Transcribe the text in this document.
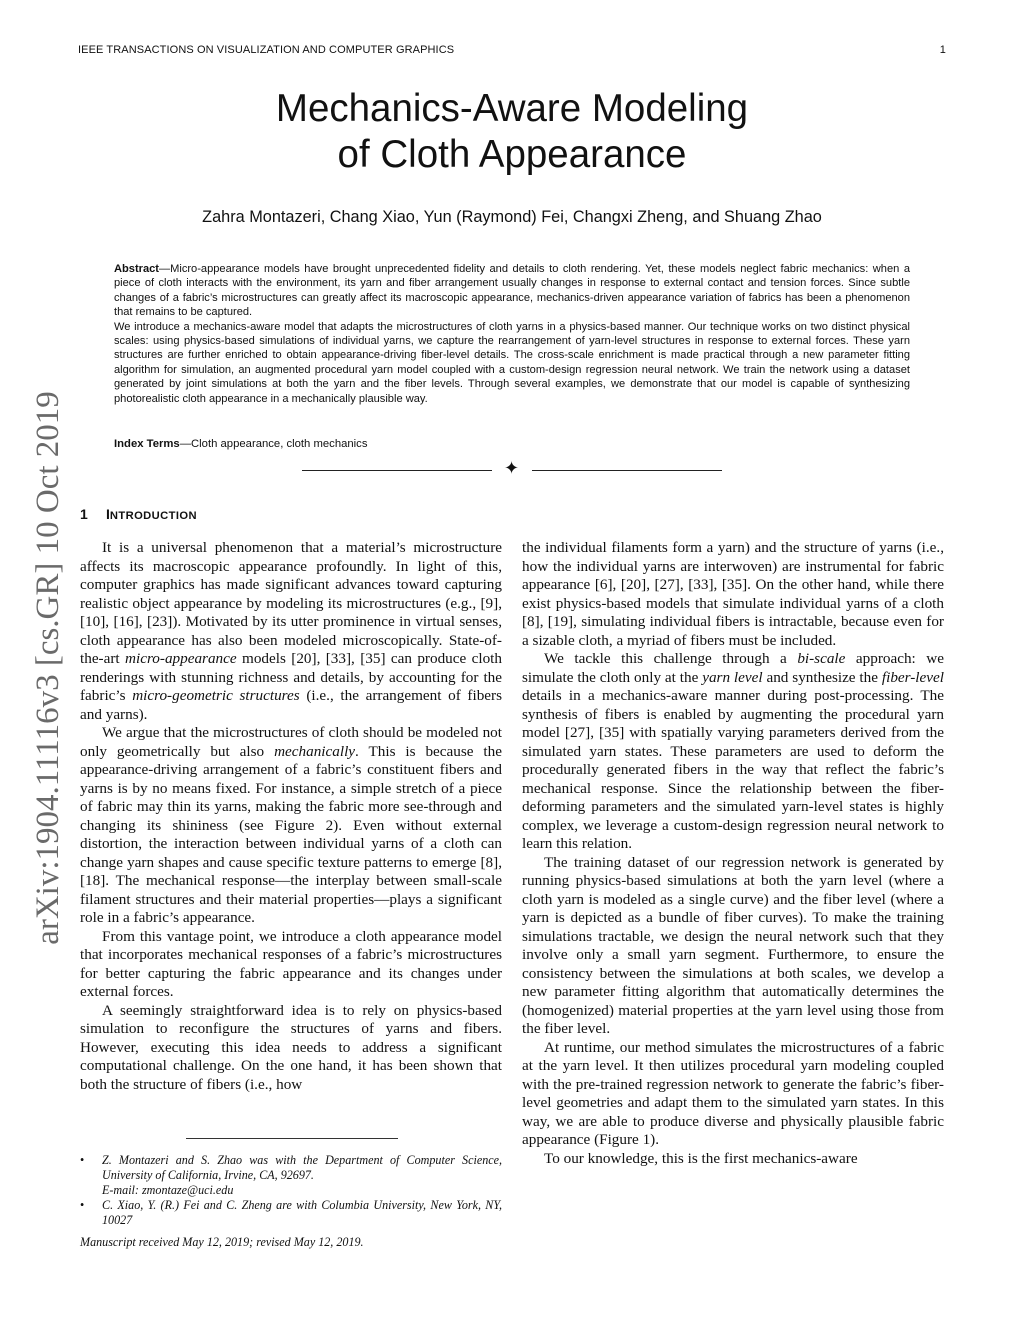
IEEE TRANSACTIONS ON VISUALIZATION AND COMPUTER GRAPHICS	1
Mechanics-Aware Modeling
of Cloth Appearance
Zahra Montazeri, Chang Xiao, Yun (Raymond) Fei, Changxi Zheng, and Shuang Zhao

Abstract—Micro-appearance models have brought unprecedented fidelity and details to cloth rendering. Yet, these models neglect fabric mechanics: when a piece of cloth interacts with the environment, its yarn and fiber arrangement usually changes in response to external contact and tension forces. Since subtle changes of a fabric’s microstructures can greatly affect its macroscopic appearance, mechanics-driven appearance variation of fabrics has been a phenomenon that remains to be captured.

We introduce a mechanics-aware model that adapts the microstructures of cloth yarns in a physics-based manner. Our technique works on two distinct physical scales: using physics-based simulations of individual yarns, we capture the rearrangement of yarn-level structures in response to external forces. These yarn structures are further enriched to obtain appearance-driving fiber-level details. The cross-scale enrichment is made practical through a new parameter fitting algorithm for simulation, an augmented procedural yarn model coupled with a custom-design regression neural network. We train the network using a dataset generated by joint simulations at both the yarn and the fiber levels. Through several examples, we demonstrate that our model is capable of synthesizing photorealistic cloth appearance in a mechanically plausible way.

Index Terms—Cloth appearance, cloth mechanics
✦
arXiv:1904.11116v3 [cs.GR] 10 Oct 2019	1 INTRODUCTION

It is a universal phenomenon that a material’s microstructure affects its macroscopic appearance profoundly. In light of this, computer graphics has made significant advances toward capturing realistic object appearance by modeling its microstructures (e.g., [9], [10], [16], [23]). Motivated by its utter prominence in virtual senses, cloth appearance has also been modeled microscopically. State-of-the-art micro-appearance models [20], [33], [35] can produce cloth renderings with stunning richness and details, by accounting for the fabric’s micro-geometric structures (i.e., the arrangement of fibers and yarns).

We argue that the microstructures of cloth should be modeled not only geometrically but also mechanically. This is because the appearance-driving arrangement of a fabric’s constituent fibers and yarns is by no means fixed. For instance, a simple stretch of a piece of fabric may thin its yarns, making the fabric more see-through and changing its shininess (see Figure 2). Even without external distortion, the interaction between individual yarns of a cloth can change yarn shapes and cause specific texture patterns to emerge [8], [18]. The mechanical response—the interplay between small-scale filament structures and their material properties—plays a significant role in a fabric’s appearance.

From this vantage point, we introduce a cloth appearance model that incorporates mechanical responses of a fabric’s microstructures for better capturing the fabric appearance and its changes under external forces.

A seemingly straightforward idea is to rely on physics-based simulation to reconfigure the structures of yarns and fibers. However, executing this idea needs to address a significant computational challenge. On the one hand, it has been shown that both the structure of fibers (i.e., how

• Z. Montazeri and S. Zhao was with the Department of Computer Science, University of California, Irvine, CA, 92697.
E-mail: zmontaze@uci.edu
• C. Xiao, Y. (R.) Fei and C. Zheng are with Columbia University, New York, NY, 10027
Manuscript received May 12, 2019; revised May 12, 2019.

the individual filaments form a yarn) and the structure of yarns (i.e., how the individual yarns are interwoven) are instrumental for fabric appearance [6], [20], [27], [33], [35]. On the other hand, while there exist physics-based models that simulate individual yarns of a cloth [8], [19], simulating individual fibers is intractable, because even for a sizable cloth, a myriad of fibers must be included.

We tackle this challenge through a bi-scale approach: we simulate the cloth only at the yarn level and synthesize the fiber-level details in a mechanics-aware manner during post-processing. The synthesis of fibers is enabled by augmenting the procedural yarn model [27], [35] with spatially varying parameters derived from the simulated yarn states. These parameters are used to deform the procedurally generated fibers in the way that reflect the fabric’s mechanical response. Since the relationship between the fiber-deforming parameters and the simulated yarn-level states is highly complex, we leverage a custom-design regression neural network to learn this relation.

The training dataset of our regression network is generated by running physics-based simulations at both the yarn level (where a cloth yarn is modeled as a single curve) and the fiber level (where a yarn is depicted as a bundle of fiber curves). To make the training simulations tractable, we design the neural network such that they involve only a small yarn segment. Furthermore, to ensure the consistency between the simulations at both scales, we develop a new parameter fitting algorithm that automatically determines the (homogenized) material properties at the yarn level using those from the fiber level.

At runtime, our method simulates the microstructures of a fabric at the yarn level. It then utilizes procedural yarn modeling coupled with the pre-trained regression network to generate the fabric’s fiber-level geometries and adapt them to the simulated yarn states. In this way, we are able to produce diverse and physically plausible fabric appearance (Figure 1).

To our knowledge, this is the first mechanics-aware
